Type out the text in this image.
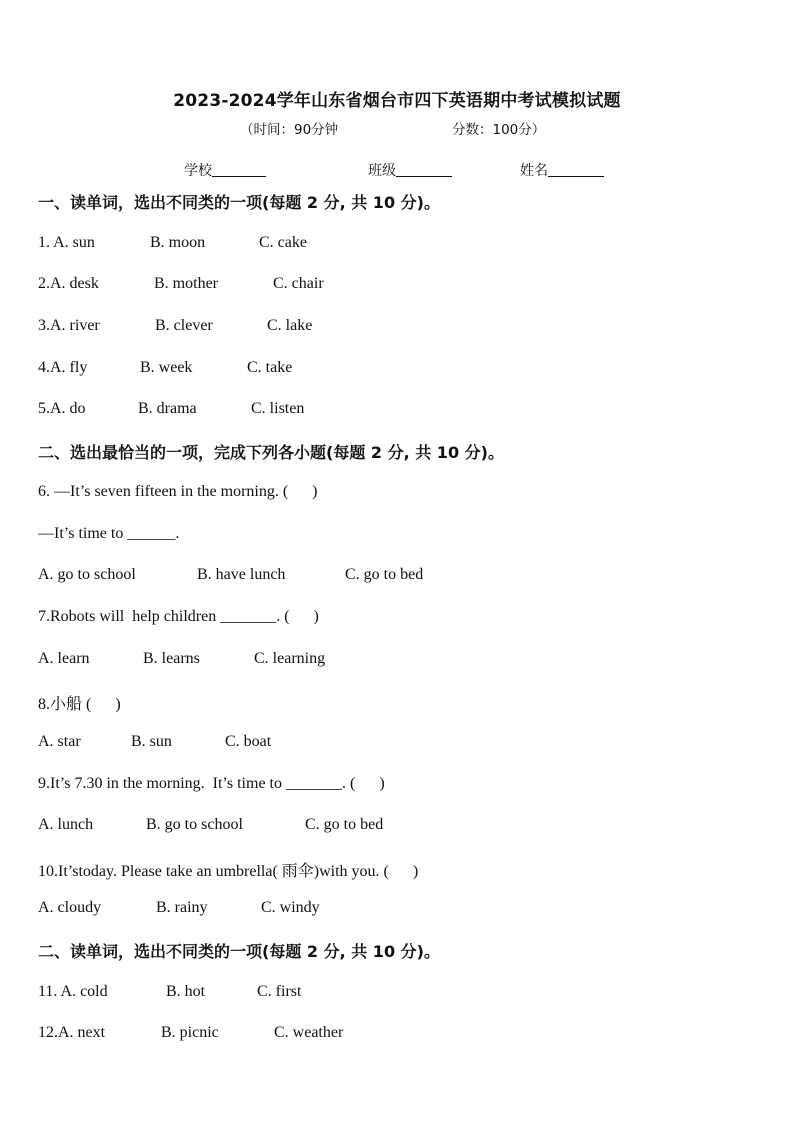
2023-2024学年山东省烟台市四下英语期中考试模拟试题
（时间：90分钟	分数：100分）
学校	班级	姓名
一、读单词，选出不同类的一项(每题 2 分, 共 10 分)。
1. A. sun	B. moon	C. cake
2.A. desk	B. mother	C. chair
3.A. river	B. clever	C. lake
4.A. fly	B. week	C. take
5.A. do	B. drama	C. listen
二、选出最恰当的一项，完成下列各小题(每题 2 分, 共 10 分)。
6. —It’s seven fifteen in the morning. (      )
—It’s time to ______.
A. go to school	B. have lunch	C. go to bed
7.Robots will  help children _______. (      )
A. learn	B. learns	C. learning
8.小船 (      )
A. star	B. sun	C. boat
9.It’s 7.30 in the morning.  It’s time to _______. (      )
A. lunch	B. go to school	C. go to bed
10.It’stoday. Please take an umbrella( 雨伞)with you. (      )
A. cloudy	B. rainy	C. windy
二、读单词，选出不同类的一项(每题 2 分, 共 10 分)。
11. A. cold	B. hot	C. first
12.A. next	B. picnic	C. weather
